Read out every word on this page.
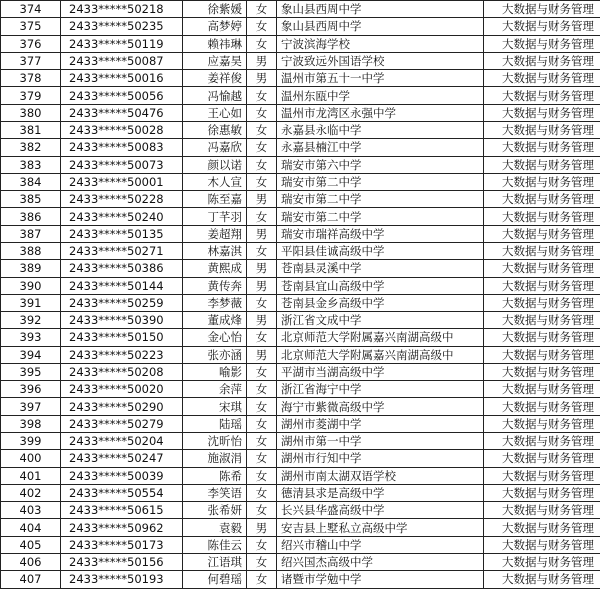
374	2433*****50218	徐紫媛	女	象山县西周中学	大数据与财务管理
375	2433*****50235	高梦婷	女	象山县西周中学	大数据与财务管理
376	2433*****50119	赖祎琳	女	宁波滨海学校	大数据与财务管理
377	2433*****50087	应嘉昊	男	宁波致远外国语学校	大数据与财务管理
378	2433*****50016	姜祥俊	男	温州市第五十一中学	大数据与财务管理
379	2433*****50056	冯愉越	女	温州东瓯中学	大数据与财务管理
380	2433*****50476	王心如	女	温州市龙湾区永强中学	大数据与财务管理
381	2433*****50028	徐惠敏	女	永嘉县永临中学	大数据与财务管理
382	2433*****50083	冯嘉欣	女	永嘉县楠江中学	大数据与财务管理
383	2433*****50073	颜以诺	女	瑞安市第六中学	大数据与财务管理
384	2433*****50001	木人宣	女	瑞安市第二中学	大数据与财务管理
385	2433*****50228	陈至嘉	男	瑞安市第二中学	大数据与财务管理
386	2433*****50240	丁芊羽	女	瑞安市第二中学	大数据与财务管理
387	2433*****50135	姜超翔	男	瑞安市瑞祥高级中学	大数据与财务管理
388	2433*****50271	林嘉淇	女	平阳县佳诚高级中学	大数据与财务管理
389	2433*****50386	黄熙成	男	苍南县灵溪中学	大数据与财务管理
390	2433*****50144	黄传奔	男	苍南县宜山高级中学	大数据与财务管理
391	2433*****50259	李梦薇	女	苍南县金乡高级中学	大数据与财务管理
392	2433*****50390	董成烽	男	浙江省文成中学	大数据与财务管理
393	2433*****50150	金心怡	女	北京师范大学附属嘉兴南湖高级中	大数据与财务管理
394	2433*****50223	张亦涵	男	北京师范大学附属嘉兴南湖高级中	大数据与财务管理
395	2433*****50208	喻影	女	平湖市当湖高级中学	大数据与财务管理
396	2433*****50020	余萍	女	浙江省海宁中学	大数据与财务管理
397	2433*****50290	宋琪	女	海宁市紫微高级中学	大数据与财务管理
398	2433*****50279	陆瑶	女	湖州市菱湖中学	大数据与财务管理
399	2433*****50204	沈昕怡	女	湖州市第一中学	大数据与财务管理
400	2433*****50247	施淑涓	女	湖州市行知中学	大数据与财务管理
401	2433*****50039	陈希	女	湖州市南太湖双语学校	大数据与财务管理
402	2433*****50554	李笑语	女	德清县求是高级中学	大数据与财务管理
403	2433*****50615	张希妍	女	长兴县华盛高级中学	大数据与财务管理
404	2433*****50962	袁毅	男	安吉县上墅私立高级中学	大数据与财务管理
405	2433*****50173	陈佳云	女	绍兴市稽山中学	大数据与财务管理
406	2433*****50156	江语琪	女	绍兴国杰高级中学	大数据与财务管理
407	2433*****50193	何碧瑶	女	诸暨市学勉中学	大数据与财务管理
